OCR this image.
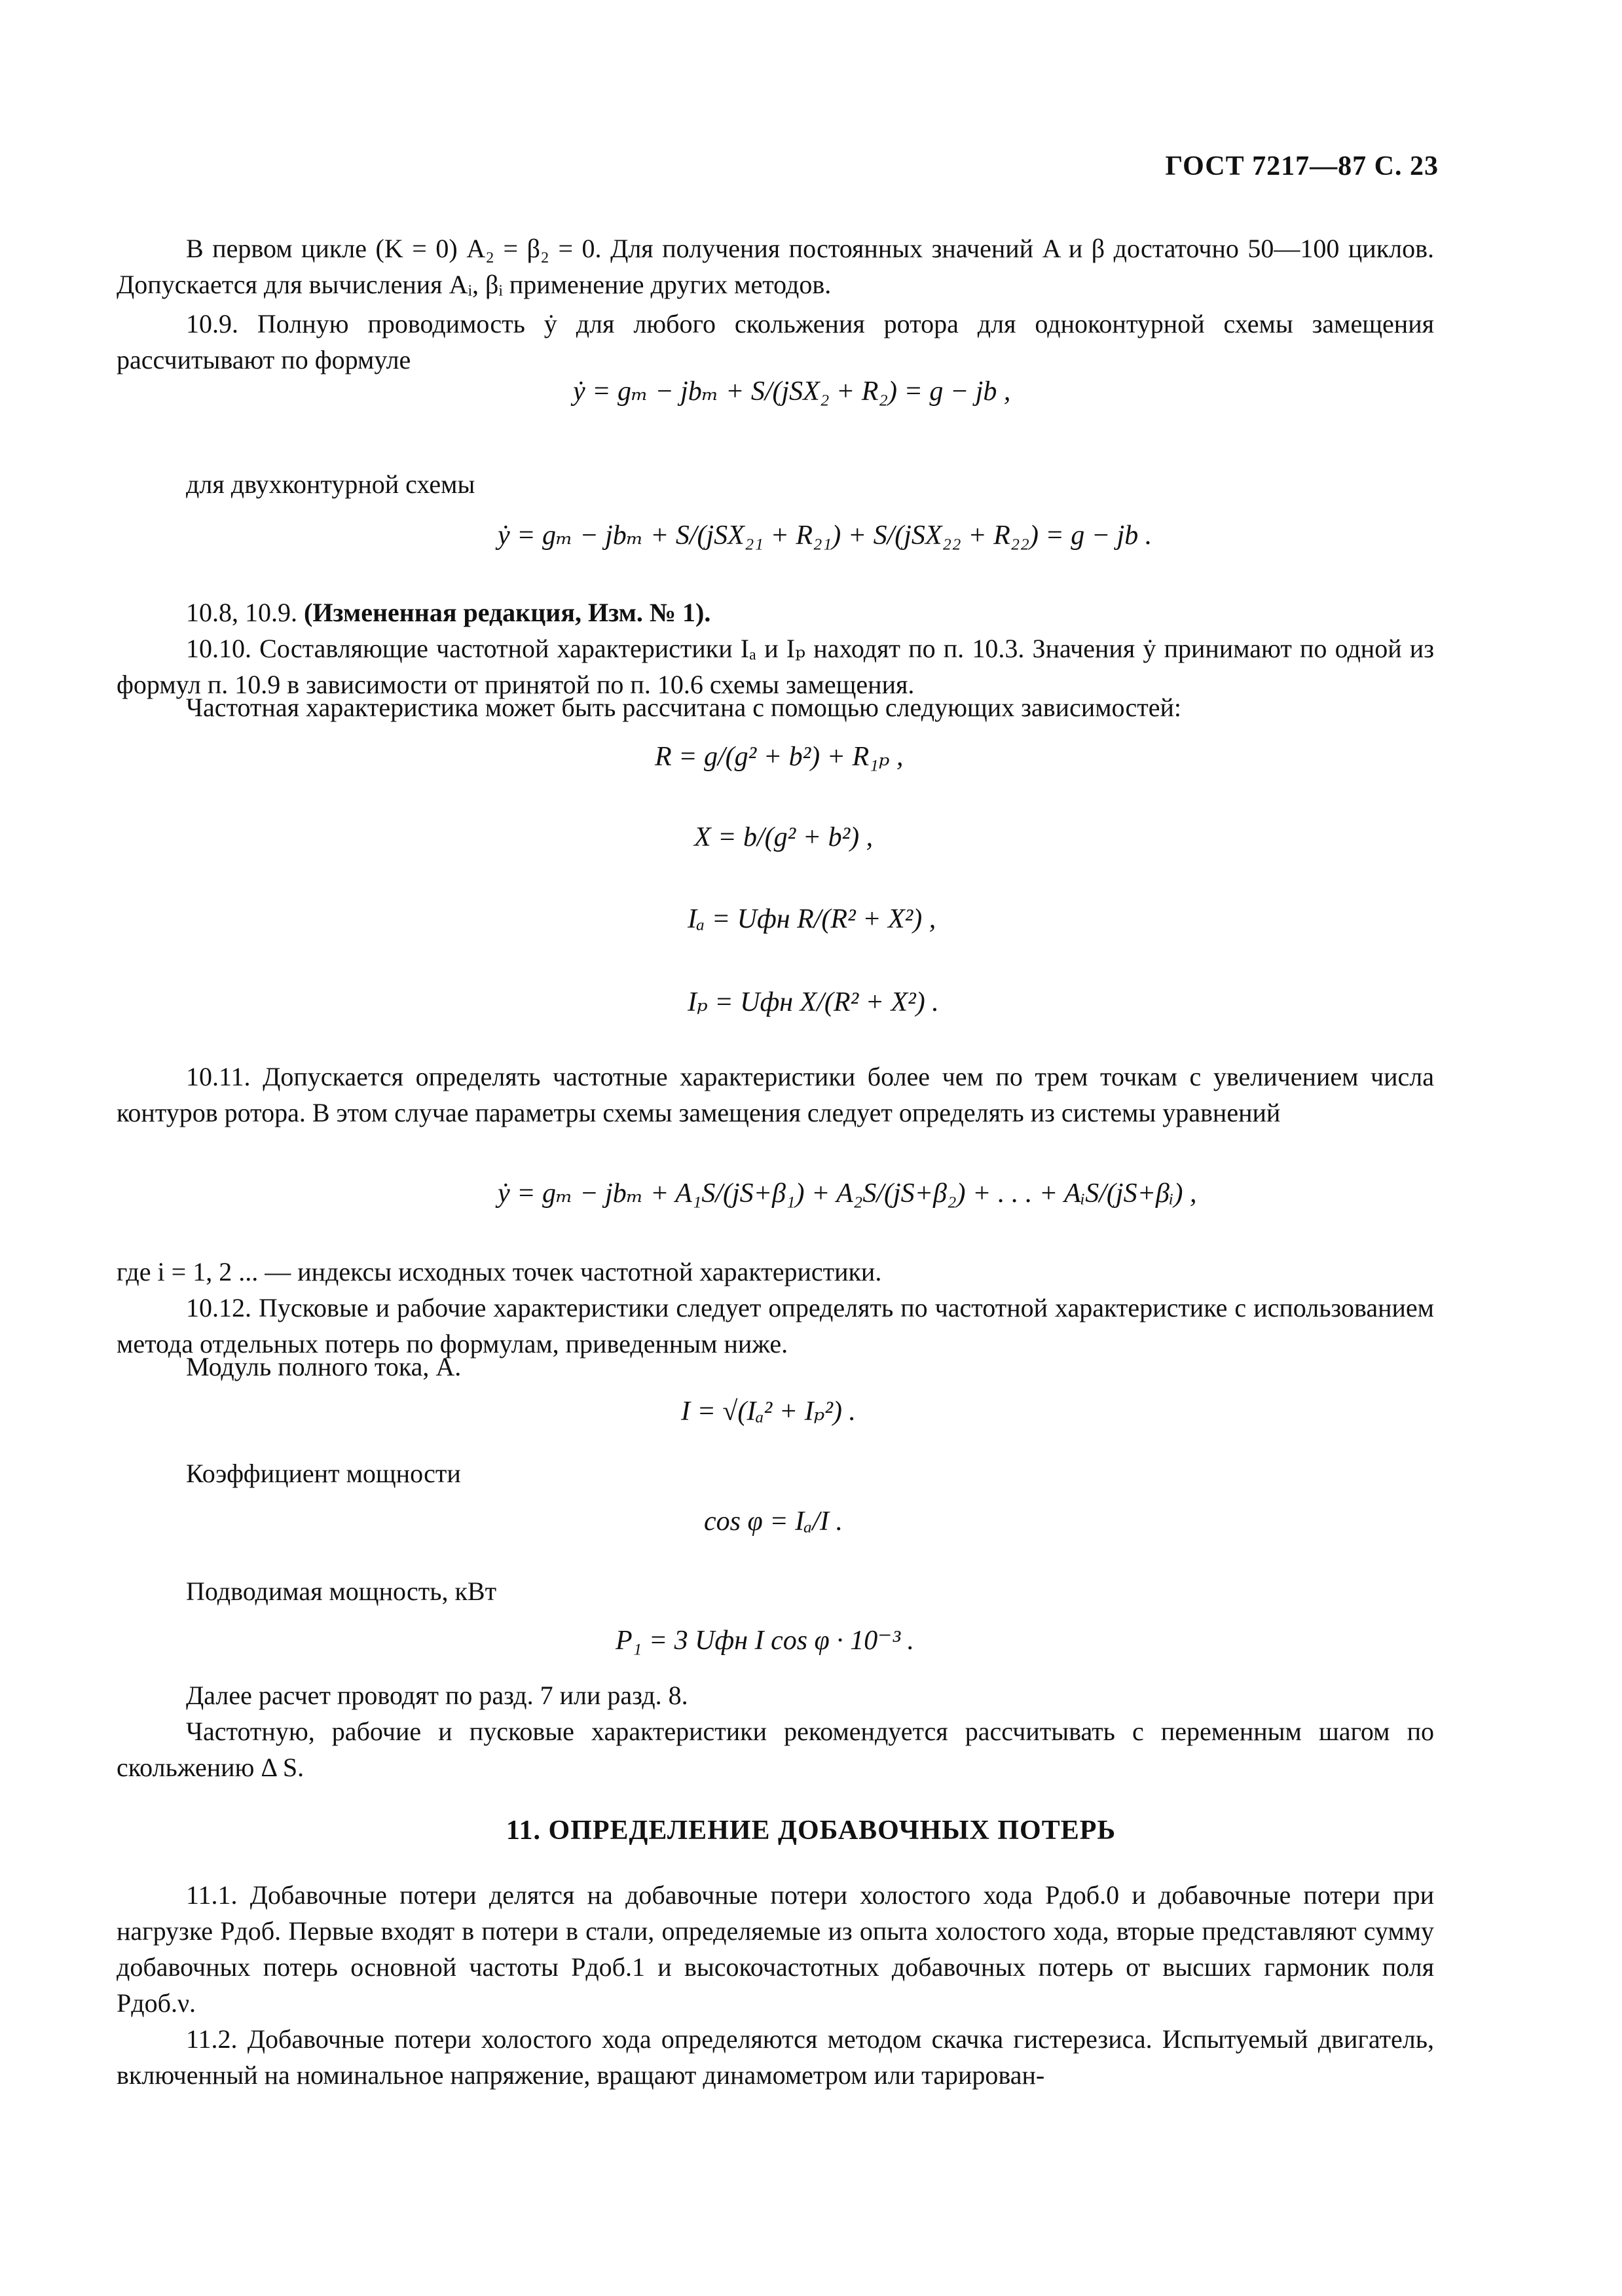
ГОСТ 7217—87 С. 23
В первом цикле (K = 0) A₂ = β₂ = 0. Для получения постоянных значений A и β достаточно 50—100 циклов. Допускается для вычисления Aᵢ, βᵢ применение других методов.
10.9. Полную проводимость ẏ для любого скольжения ротора для одноконтурной схемы замещения рассчитывают по формуле
ẏ = gₘ − jbₘ + S/(jSX₂ + R₂) = g − jb ,
для двухконтурной схемы
ẏ = gₘ − jbₘ + S/(jSX₂₁ + R₂₁) + S/(jSX₂₂ + R₂₂) = g − jb .
10.8, 10.9. (Измененная редакция, Изм. № 1).
10.10. Составляющие частотной характеристики Iₐ и Iₚ находят по п. 10.3. Значения ẏ принимают по одной из формул п. 10.9 в зависимости от принятой по п. 10.6 схемы замещения.
Частотная характеристика может быть рассчитана с помощью следующих зависимостей:
R = g/(g² + b²) + R₁ₚ ,
X = b/(g² + b²) ,
Iₐ = Uфн R/(R² + X²) ,
Iₚ = Uфн X/(R² + X²) .
10.11. Допускается определять частотные характеристики более чем по трем точкам с увеличением числа контуров ротора. В этом случае параметры схемы замещения следует определять из системы уравнений
ẏ = gₘ − jbₘ + A₁S/(jS+β₁) + A₂S/(jS+β₂) + . . . + AᵢS/(jS+βᵢ) ,
где i = 1, 2 ... — индексы исходных точек частотной характеристики.
10.12. Пусковые и рабочие характеристики следует определять по частотной характеристике с использованием метода отдельных потерь по формулам, приведенным ниже.
Модуль полного тока, А.
I = √(Iₐ² + Iₚ²) .
Коэффициент мощности
cos φ = Iₐ/I .
Подводимая мощность, кВт
P₁ = 3 Uфн I cos φ · 10⁻³ .
Далее расчет проводят по разд. 7 или разд. 8.
Частотную, рабочие и пусковые характеристики рекомендуется рассчитывать с переменным шагом по скольжению Δ S.
11. ОПРЕДЕЛЕНИЕ ДОБАВОЧНЫХ ПОТЕРЬ
11.1. Добавочные потери делятся на добавочные потери холостого хода Pдоб.0 и добавочные потери при нагрузке Pдоб. Первые входят в потери в стали, определяемые из опыта холостого хода, вторые представляют сумму добавочных потерь основной частоты Pдоб.1 и высокочастотных добавочных потерь от высших гармоник поля Pдоб.ν.
11.2. Добавочные потери холостого хода определяются методом скачка гистерезиса. Испытуемый двигатель, включенный на номинальное напряжение, вращают динамометром или тарирован-
